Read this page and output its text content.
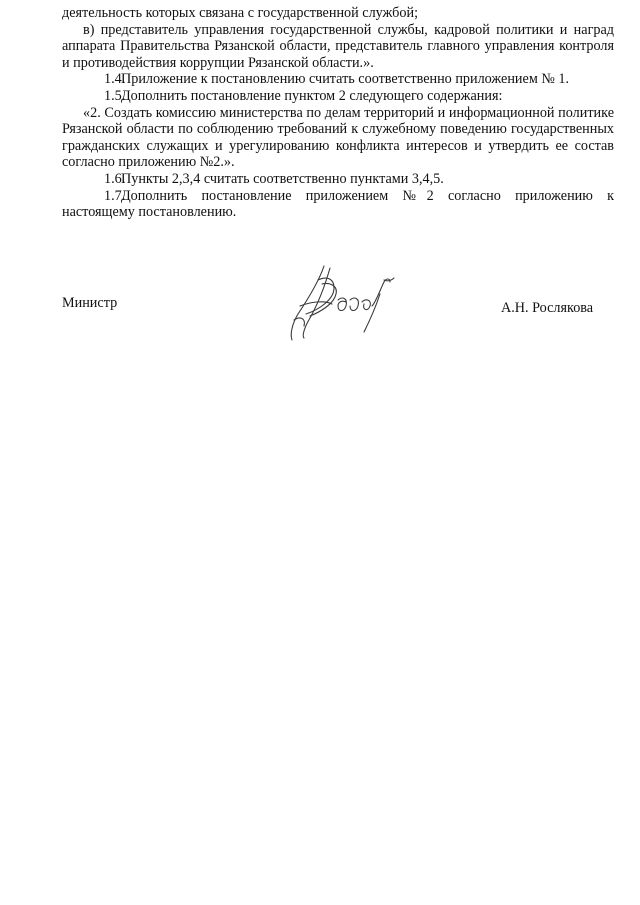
деятельность которых связана с государственной службой;

в) представитель управления государственной службы, кадровой политики и наград аппарата Правительства Рязанской области, представитель главного управления контроля и противодействия коррупции Рязанской области.».

1.4.Приложение к постановлению считать соответственно приложением № 1.

1.5.Дополнить постановление пунктом 2 следующего содержания:

«2. Создать комиссию министерства по делам территорий и информационной политике Рязанской области по соблюдению требований к служебному поведению государственных гражданских служащих и урегулированию конфликта интересов и утвердить ее состав согласно приложению №2.».

1.6.Пункты 2,3,4 считать соответственно пунктами 3,4,5.

1.7.Дополнить постановление приложением №2 согласно приложению к настоящему постановлению.

Министр	А.Н. Рослякова
